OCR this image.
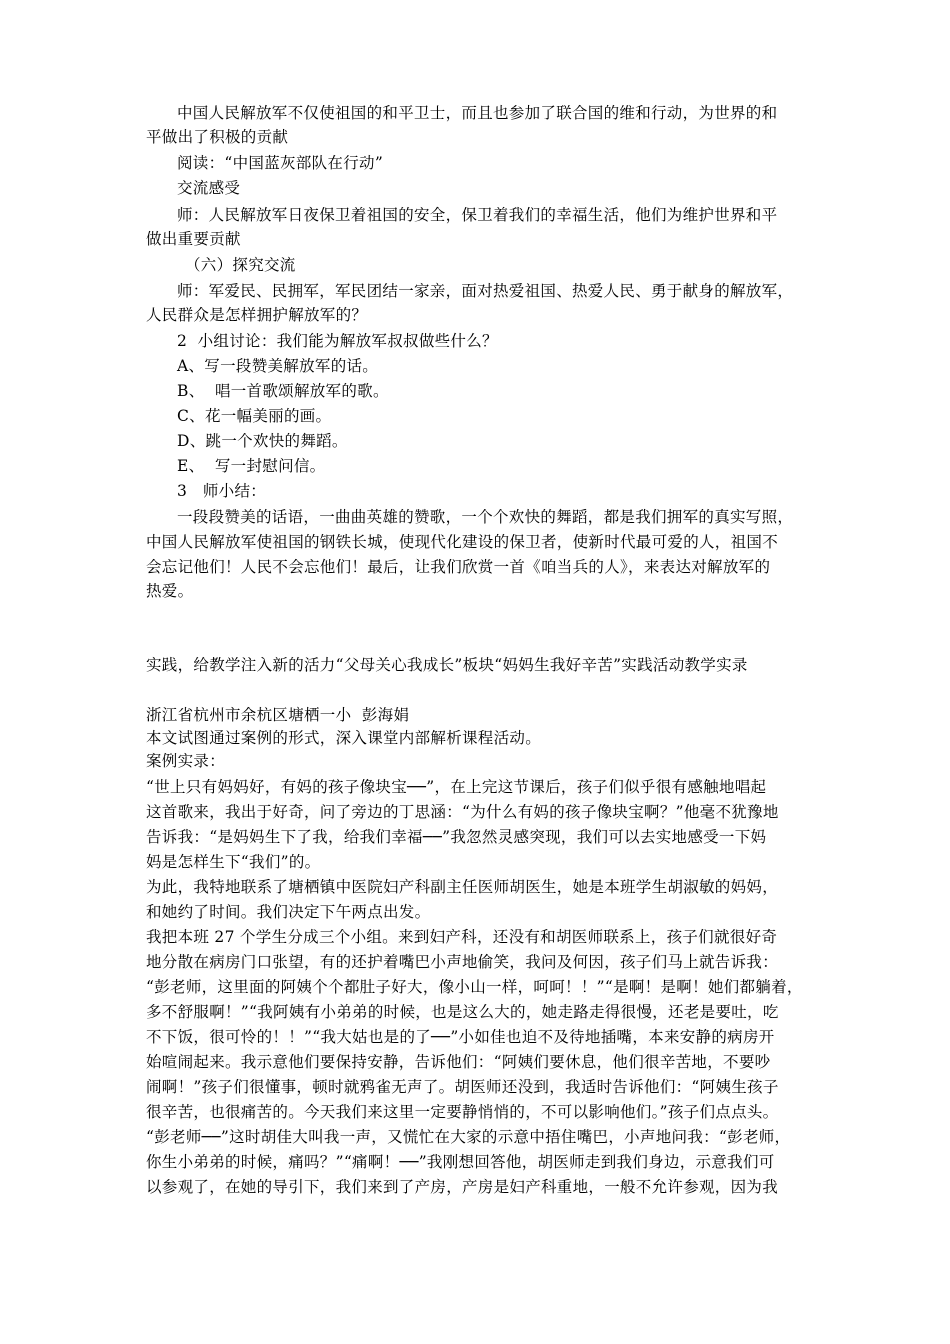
中国人民解放军不仅使祖国的和平卫士，而且也参加了联合国的维和行动，为世界的和
平做出了积极的贡献
阅读：“中国蓝灰部队在行动”
交流感受
师：人民解放军日夜保卫着祖国的安全，保卫着我们的幸福生活，他们为维护世界和平
做出重要贡献
（六）探究交流
师：军爱民、民拥军，军民团结一家亲，面对热爱祖国、热爱人民、勇于献身的解放军，
人民群众是怎样拥护解放军的？
2  小组讨论：我们能为解放军叔叔做些什么？
A、写一段赞美解放军的话。
B、  唱一首歌颂解放军的歌。
C、花一幅美丽的画。
D、跳一个欢快的舞蹈。
E、  写一封慰问信。
3   师小结：
一段段赞美的话语，一曲曲英雄的赞歌，一个个欢快的舞蹈，都是我们拥军的真实写照，
中国人民解放军使祖国的钢铁长城，使现代化建设的保卫者，使新时代最可爱的人，祖国不
会忘记他们！人民不会忘他们！最后，让我们欣赏一首《咱当兵的人》，来表达对解放军的
热爱。
实践，给教学注入新的活力“父母关心我成长”板块“妈妈生我好辛苦”实践活动教学实录
浙江省杭州市余杭区塘栖一小  彭海娟
本文试图通过案例的形式，深入课堂内部解析课程活动。
案例实录：
“世上只有妈妈好，有妈的孩子像块宝──”，在上完这节课后，孩子们似乎很有感触地唱起
这首歌来，我出于好奇，问了旁边的丁思涵：“为什么有妈的孩子像块宝啊？”他毫不犹豫地
告诉我：“是妈妈生下了我，给我们幸福──”我忽然灵感突现，我们可以去实地感受一下妈
妈是怎样生下“我们”的。
为此，我特地联系了塘栖镇中医院妇产科副主任医师胡医生，她是本班学生胡淑敏的妈妈，
和她约了时间。我们决定下午两点出发。
我把本班 27 个学生分成三个小组。来到妇产科，还没有和胡医师联系上，孩子们就很好奇
地分散在病房门口张望，有的还护着嘴巴小声地偷笑，我问及何因，孩子们马上就告诉我：
“彭老师，这里面的阿姨个个都肚子好大，像小山一样，呵呵！！”“是啊！是啊！她们都躺着，
多不舒服啊！”“我阿姨有小弟弟的时候，也是这么大的，她走路走得很慢，还老是要吐，吃
不下饭，很可怜的！！”“我大姑也是的了──”小如佳也迫不及待地插嘴，本来安静的病房开
始喧闹起来。我示意他们要保持安静，告诉他们：“阿姨们要休息，他们很辛苦地，不要吵
闹啊！”孩子们很懂事，顿时就鸦雀无声了。胡医师还没到，我适时告诉他们：“阿姨生孩子
很辛苦，也很痛苦的。今天我们来这里一定要静悄悄的，不可以影响他们。”孩子们点点头。
“彭老师──”这时胡佳大叫我一声，又慌忙在大家的示意中捂住嘴巴，小声地问我：“彭老师，
你生小弟弟的时候，痛吗？”“痛啊！──”我刚想回答他，胡医师走到我们身边，示意我们可
以参观了，在她的导引下，我们来到了产房，产房是妇产科重地，一般不允许参观，因为我
